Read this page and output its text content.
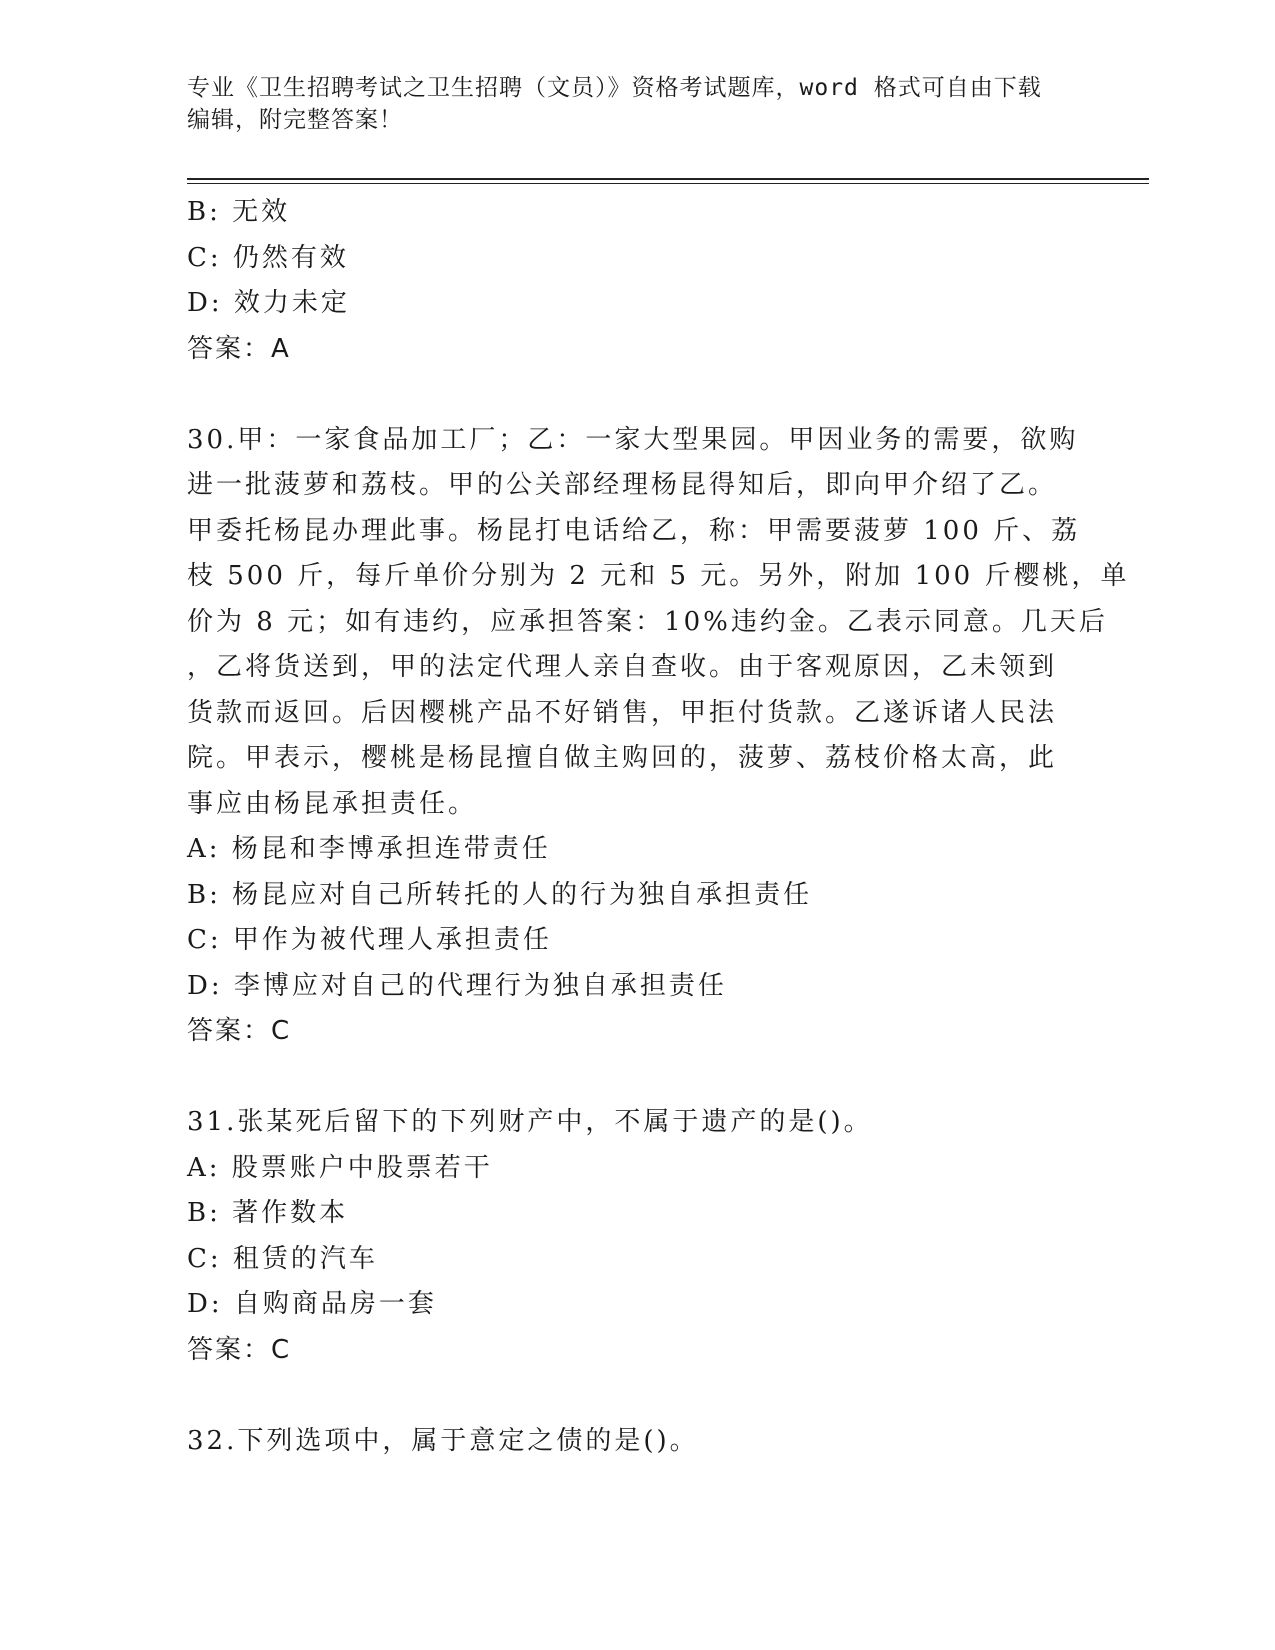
专业《卫生招聘考试之卫生招聘（文员）》资格考试题库，word 格式可自由下载
编辑，附完整答案！
B: 无效
C: 仍然有效
D: 效力未定
答案：A
30.甲：一家食品加工厂；乙：一家大型果园。甲因业务的需要，欲购
进一批菠萝和荔枝。甲的公关部经理杨昆得知后，即向甲介绍了乙。
甲委托杨昆办理此事。杨昆打电话给乙，称：甲需要菠萝 100 斤、荔
枝 500 斤，每斤单价分别为 2 元和 5 元。另外，附加 100 斤樱桃，单
价为 8 元；如有违约，应承担答案：10%违约金。乙表示同意。几天后
，乙将货送到，甲的法定代理人亲自查收。由于客观原因，乙未领到
货款而返回。后因樱桃产品不好销售，甲拒付货款。乙遂诉诸人民法
院。甲表示，樱桃是杨昆擅自做主购回的，菠萝、荔枝价格太高，此
事应由杨昆承担责任。
A: 杨昆和李博承担连带责任
B: 杨昆应对自己所转托的人的行为独自承担责任
C: 甲作为被代理人承担责任
D: 李博应对自己的代理行为独自承担责任
答案：C
31.张某死后留下的下列财产中，不属于遗产的是()。
A: 股票账户中股票若干
B: 著作数本
C: 租赁的汽车
D: 自购商品房一套
答案：C
32.下列选项中，属于意定之债的是()。
